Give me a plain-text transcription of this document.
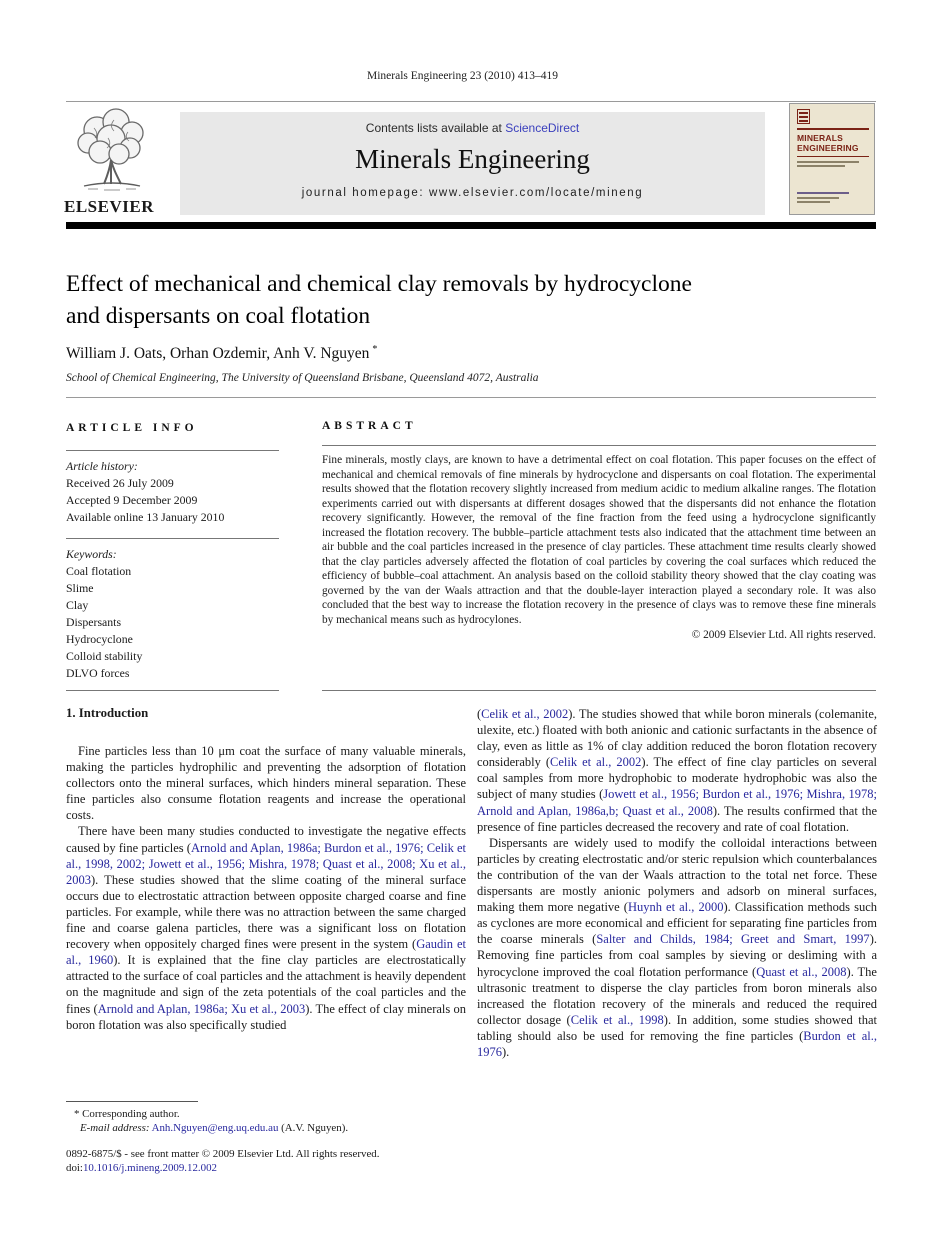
Minerals Engineering 23 (2010) 413–419
ELSEVIER
Contents lists available at ScienceDirect
Minerals Engineering
journal homepage: www.elsevier.com/locate/mineng
MINERALS
ENGINEERING
Effect of mechanical and chemical clay removals by hydrocyclone
and dispersants on coal flotation
William J. Oats, Orhan Ozdemir, Anh V. Nguyen *
School of Chemical Engineering, The University of Queensland Brisbane, Queensland 4072, Australia
ARTICLE INFO
Article history:
Received 26 July 2009
Accepted 9 December 2009
Available online 13 January 2010
Keywords:
Coal flotation
Slime
Clay
Dispersants
Hydrocyclone
Colloid stability
DLVO forces
ABSTRACT
Fine minerals, mostly clays, are known to have a detrimental effect on coal flotation. This paper focuses on the effect of mechanical and chemical removals of fine minerals by hydrocyclone and dispersants on coal flotation. The experimental results showed that the flotation recovery slightly increased from medium acidic to medium alkaline ranges. The flotation experiments carried out with dispersants at different dosages showed that the dispersants did not enhance the flotation recovery significantly. However, the removal of the fine fraction from the feed using a hydrocyclone significantly increased the flotation recovery. The bubble–particle attachment tests also indicated that the attachment time between an air bubble and the coal particles increased in the presence of clay particles. These attachment time results clearly showed that the clay particles adversely affected the flotation of coal particles by covering the coal surfaces which reduced the efficiency of bubble–coal attachment. An analysis based on the colloid stability theory showed that the clay coating was governed by the van der Waals attraction and that the double-layer interaction played a secondary role. It was also concluded that the best way to increase the flotation recovery in the presence of clays was to remove these fine minerals by mechanical means such as hydrocylones.
© 2009 Elsevier Ltd. All rights reserved.
1. Introduction

Fine particles less than 10 μm coat the surface of many valuable minerals, making the particles hydrophilic and preventing the adsorption of flotation collectors onto the mineral surfaces, which hinders mineral separation. These fine particles also consume flotation reagents and increase the operational costs.

There have been many studies conducted to investigate the negative effects caused by fine particles (Arnold and Aplan, 1986a; Burdon et al., 1976; Celik et al., 1998, 2002; Jowett et al., 1956; Mishra, 1978; Quast et al., 2008; Xu et al., 2003). These studies showed that the slime coating of the mineral surface occurs due to electrostatic attraction between opposite charged coarse and fine particles. For example, while there was no attraction between the same charged fine and coarse galena particles, there was a significant loss on flotation recovery when oppositely charged fines were present in the system (Gaudin et al., 1960). It is explained that the fine clay particles are electrostatically attracted to the surface of coal particles and the attachment is heavily dependent on the magnitude and sign of the zeta potentials of the coal particles and the fines (Arnold and Aplan, 1986a; Xu et al., 2003). The effect of clay minerals on boron flotation was also specifically studied

(Celik et al., 2002). The studies showed that while boron minerals (colemanite, ulexite, etc.) floated with both anionic and cationic surfactants in the absence of clay, even as little as 1% of clay addition reduced the boron flotation recovery considerably (Celik et al., 2002). The effect of fine clay particles on several coal samples from more hydrophobic to moderate hydrophobic was also the subject of many studies (Jowett et al., 1956; Burdon et al., 1976; Mishra, 1978; Arnold and Aplan, 1986a,b; Quast et al., 2008). The results confirmed that the presence of fine particles decreased the recovery and rate of coal flotation.

Dispersants are widely used to modify the colloidal interactions between particles by creating electrostatic and/or steric repulsion which counterbalances the contribution of the van der Waals attraction to the total net force. These dispersants are mostly anionic polymers and adsorb on mineral surfaces, making them more negative (Huynh et al., 2000). Classification methods such as cyclones are more economical and efficient for separating fine particles from the coarse minerals (Salter and Childs, 1984; Greet and Smart, 1997). Removing fine particles from coal samples by sieving or desliming with a hyrocyclone improved the coal flotation performance (Quast et al., 2008). The ultrasonic treatment to disperse the clay particles from boron minerals also increased the flotation recovery of the minerals and reduced the required collector dosage (Celik et al., 1998). In addition, some studies showed that tabling should also be used for removing the fine particles (Burdon et al., 1976).

* Corresponding author.
E-mail address: Anh.Nguyen@eng.uq.edu.au (A.V. Nguyen).
0892-6875/$ - see front matter © 2009 Elsevier Ltd. All rights reserved.
doi:10.1016/j.mineng.2009.12.002
